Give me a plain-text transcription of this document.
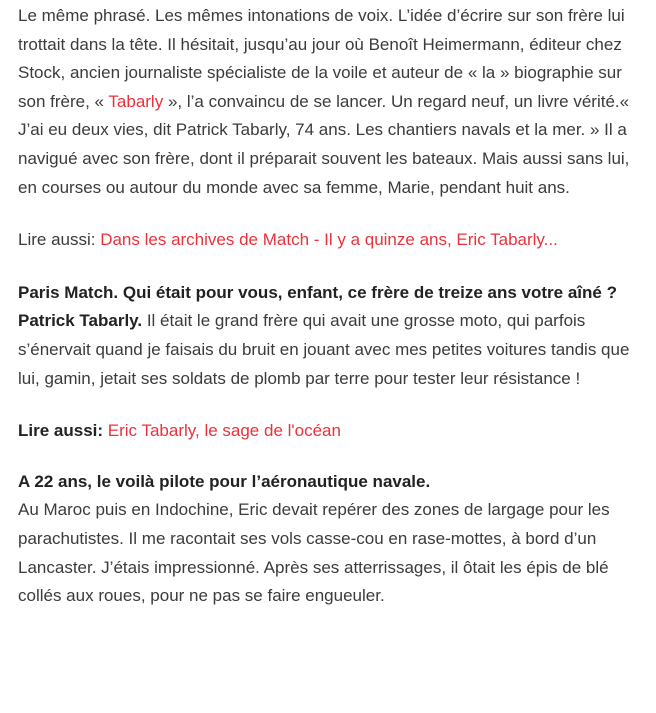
Le même phrasé. Les mêmes intonations de voix. L’idée d’écrire sur son frère lui trottait dans la tête. Il hésitait, jusqu’au jour où Benoît Heimermann, éditeur chez Stock, ancien journaliste spécialiste de la voile et auteur de « la » biographie sur son frère, « Tabarly », l’a convaincu de se lancer. Un regard neuf, un livre vérité.« J’ai eu deux vies, dit Patrick Tabarly, 74 ans. Les chantiers navals et la mer. » Il a navigué avec son frère, dont il préparait souvent les bateaux. Mais aussi sans lui, en courses ou autour du monde avec sa femme, Marie, pendant huit ans.

Lire aussi: Dans les archives de Match - Il y a quinze ans, Eric Tabarly...

Paris Match. Qui était pour vous, enfant, ce frère de treize ans votre aîné ?

Patrick Tabarly. Il était le grand frère qui avait une grosse moto, qui parfois s’énervait quand je faisais du bruit en jouant avec mes petites voitures tandis que lui, gamin, jetait ses soldats de plomb par terre pour tester leur résistance !

Lire aussi: Eric Tabarly, le sage de l'océan

A 22 ans, le voilà pilote pour l’aéronautique navale.

Au Maroc puis en Indochine, Eric devait repérer des zones de largage pour les parachutistes. Il me racontait ses vols casse-cou en rase-mottes, à bord d’un Lancaster. J’étais impressionné. Après ses atterrissages, il ôtait les épis de blé collés aux roues, pour ne pas se faire engueuler.
